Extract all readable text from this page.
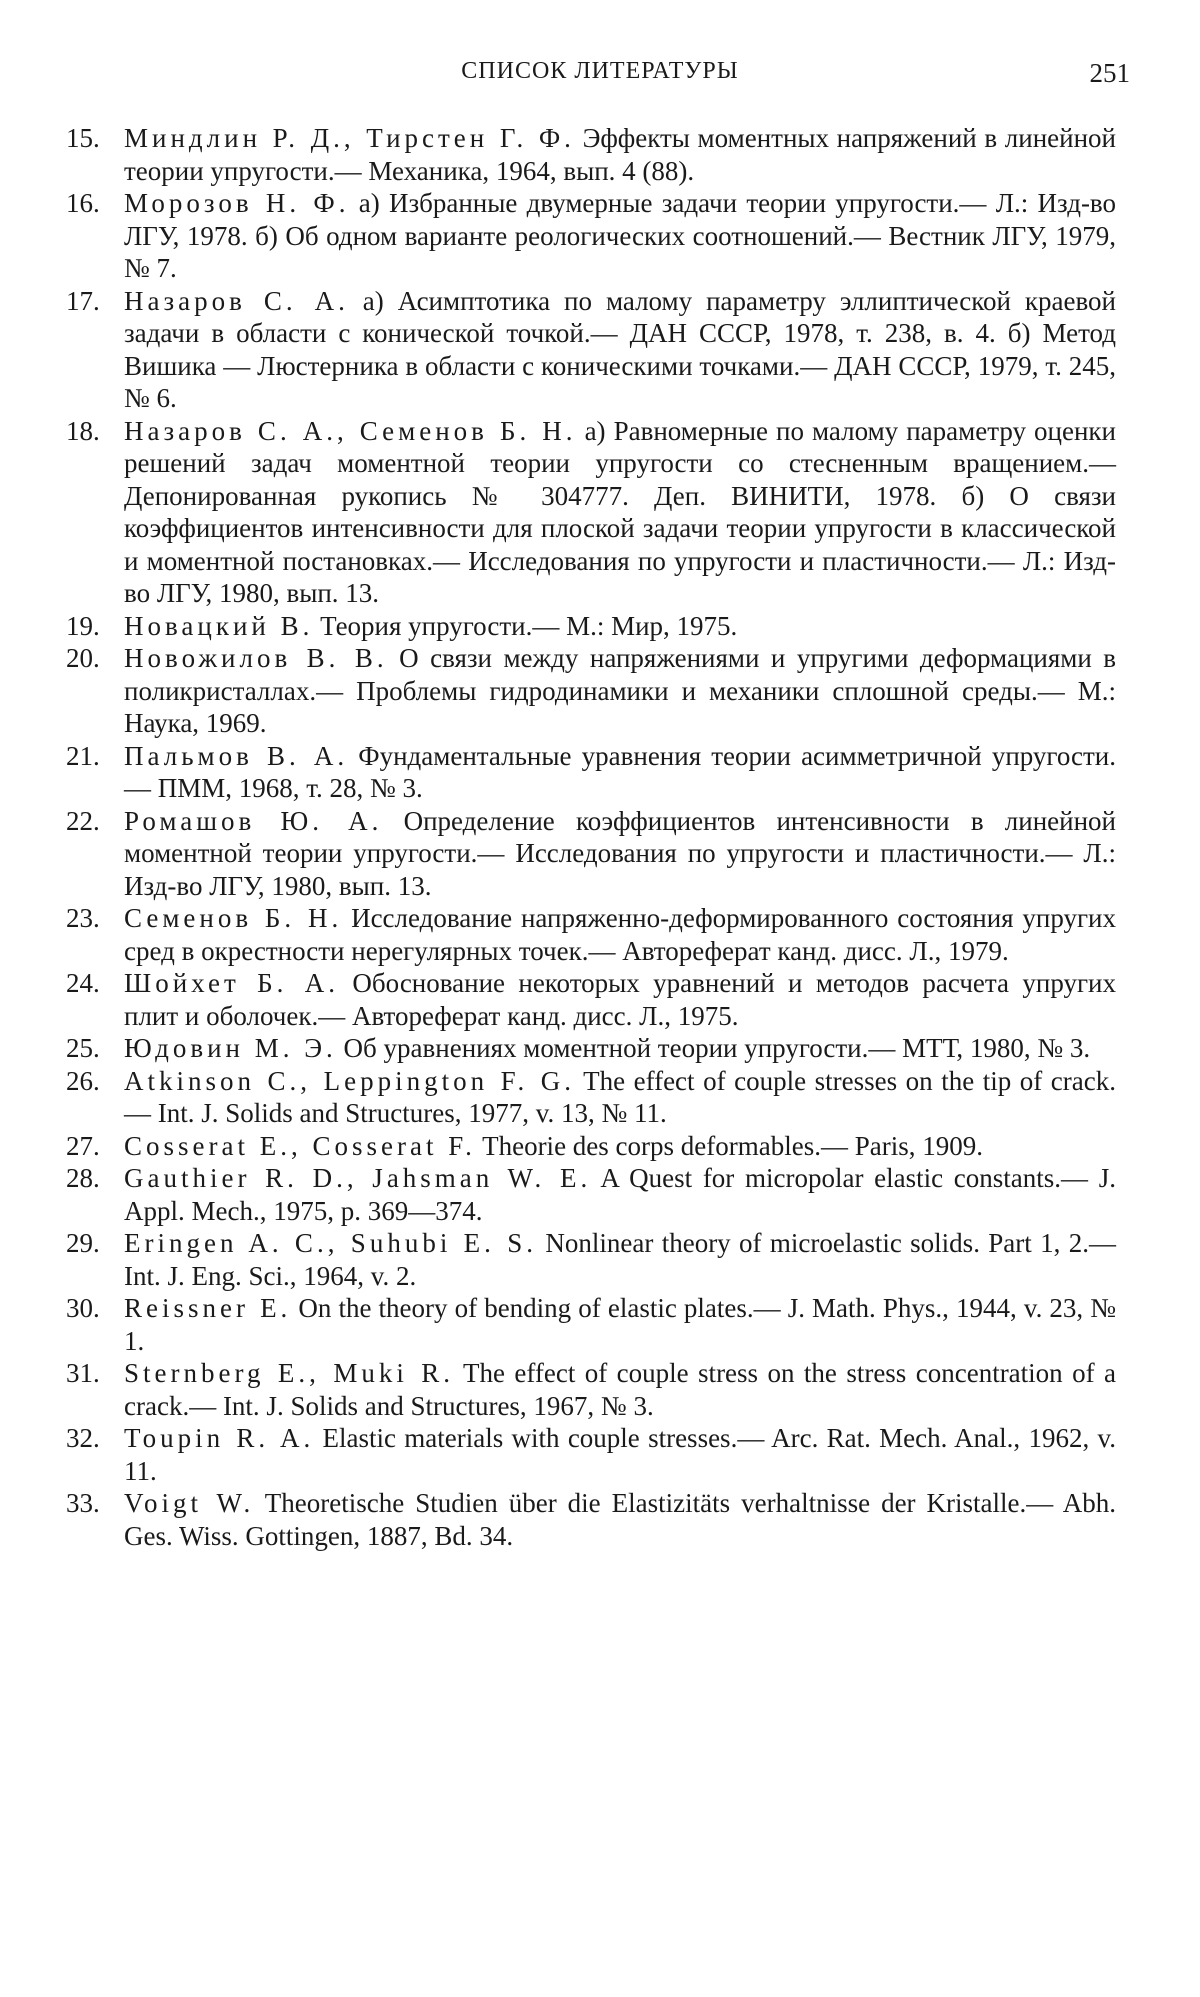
СПИСОК ЛИТЕРАТУРЫ	251
15. Миндлин Р. Д., Тирстен Г. Ф. Эффекты моментных напряжений в линейной теории упругости.— Механика, 1964, вып. 4 (88).
16. Морозов Н. Ф. а) Избранные двумерные задачи теории упругости.— Л.: Изд-во ЛГУ, 1978. б) Об одном варианте реологических соотношений.— Вестник ЛГУ, 1979, № 7.
17. Назаров С. А. а) Асимптотика по малому параметру эллиптической краевой задачи в области с конической точкой.— ДАН СССР, 1978, т. 238, в. 4. б) Метод Вишика — Люстерника в области с коническими точками.— ДАН СССР, 1979, т. 245, № 6.
18. Назаров С. А., Семенов Б. Н. а) Равномерные по малому параметру оценки решений задач моментной теории упругости со стесненным вращением.— Депонированная рукопись № 304777. Деп. ВИНИТИ, 1978. б) О связи коэффициентов интенсивности для плоской задачи теории упругости в классической и моментной постановках.— Исследования по упругости и пластичности.— Л.: Изд-во ЛГУ, 1980, вып. 13.
19. Новацкий В. Теория упругости.— М.: Мир, 1975.
20. Новожилов В. В. О связи между напряжениями и упругими деформациями в поликристаллах.— Проблемы гидродинамики и механики сплошной среды.— М.: Наука, 1969.
21. Пальмов В. А. Фундаментальные уравнения теории асимметричной упругости.— ПММ, 1968, т. 28, № 3.
22. Ромашов Ю. А. Определение коэффициентов интенсивности в линейной моментной теории упругости.— Исследования по упругости и пластичности.— Л.: Изд-во ЛГУ, 1980, вып. 13.
23. Семенов Б. Н. Исследование напряженно-деформированного состояния упругих сред в окрестности нерегулярных точек.— Автореферат канд. дисс. Л., 1979.
24. Шойхет Б. А. Обоснование некоторых уравнений и методов расчета упругих плит и оболочек.— Автореферат канд. дисс. Л., 1975.
25. Юдовин М. Э. Об уравнениях моментной теории упругости.— МТТ, 1980, № 3.
26. Atkinson C., Leppington F. G. The effect of couple stresses on the tip of crack.— Int. J. Solids and Structures, 1977, v. 13, № 11.
27. Cosserat E., Cosserat F. Theorie des corps deformables.— Paris, 1909.
28. Gauthier R. D., Jahsman W. E. A Quest for micropolar elastic constants.— J. Appl. Mech., 1975, p. 369—374.
29. Eringen A. C., Suhubi E. S. Nonlinear theory of microelastic solids. Part 1, 2.— Int. J. Eng. Sci., 1964, v. 2.
30. Reissner E. On the theory of bending of elastic plates.— J. Math. Phys., 1944, v. 23, № 1.
31. Sternberg E., Muki R. The effect of couple stress on the stress concentration of a crack.— Int. J. Solids and Structures, 1967, № 3.
32. Toupin R. A. Elastic materials with couple stresses.— Arc. Rat. Mech. Anal., 1962, v. 11.
33. Voigt W. Theoretische Studien über die Elastizitäts verhaltnisse der Kristalle.— Abh. Ges. Wiss. Gottingen, 1887, Bd. 34.
